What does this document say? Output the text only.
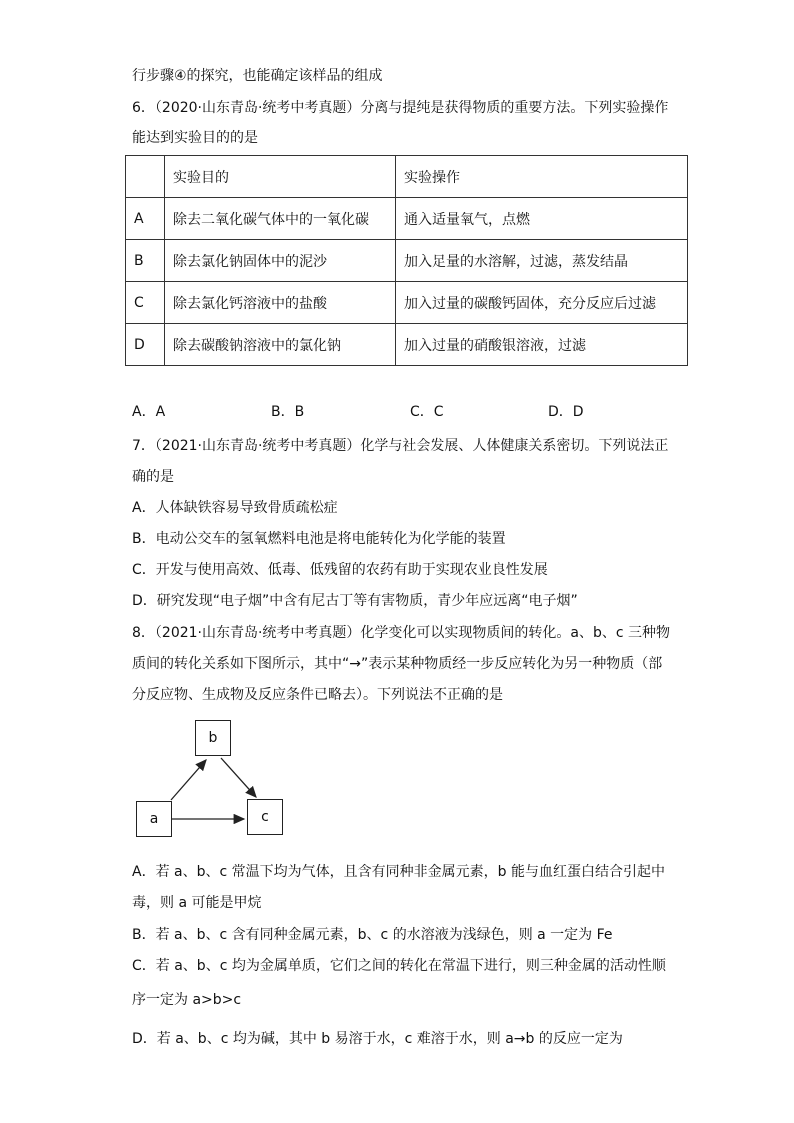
行步骤④的探究，也能确定该样品的组成
6．（2020·山东青岛·统考中考真题）分离与提纯是获得物质的重要方法。下列实验操作
能达到实验目的的是
	实验目的	实验操作
A	除去二氧化碳气体中的一氧化碳	通入适量氧气，点燃
B	除去氯化钠固体中的泥沙	加入足量的水溶解，过滤，蒸发结晶
C	除去氯化钙溶液中的盐酸	加入过量的碳酸钙固体，充分反应后过滤
D	除去碳酸钠溶液中的氯化钠	加入过量的硝酸银溶液，过滤
A．A	B．B	C．C	D．D
7．（2021·山东青岛·统考中考真题）化学与社会发展、人体健康关系密切。下列说法正
确的是
A．人体缺铁容易导致骨质疏松症
B．电动公交车的氢氧燃料电池是将电能转化为化学能的装置
C．开发与使用高效、低毒、低残留的农药有助于实现农业良性发展
D．研究发现“电子烟”中含有尼古丁等有害物质，青少年应远离“电子烟”
8．（2021·山东青岛·统考中考真题）化学变化可以实现物质间的转化。a、b、c 三种物
质间的转化关系如下图所示，其中“→”表示某种物质经一步反应转化为另一种物质（部
分反应物、生成物及反应条件已略去）。下列说法不正确的是
b
a	c
A．若 a、b、c 常温下均为气体，且含有同种非金属元素，b 能与血红蛋白结合引起中
毒，则 a 可能是甲烷
B．若 a、b、c 含有同种金属元素，b、c 的水溶液为浅绿色，则 a 一定为 Fe
C．若 a、b、c 均为金属单质，它们之间的转化在常温下进行，则三种金属的活动性顺
序一定为 a>b>c
D．若 a、b、c 均为碱，其中 b 易溶于水，c 难溶于水，则 a→b 的反应一定为
